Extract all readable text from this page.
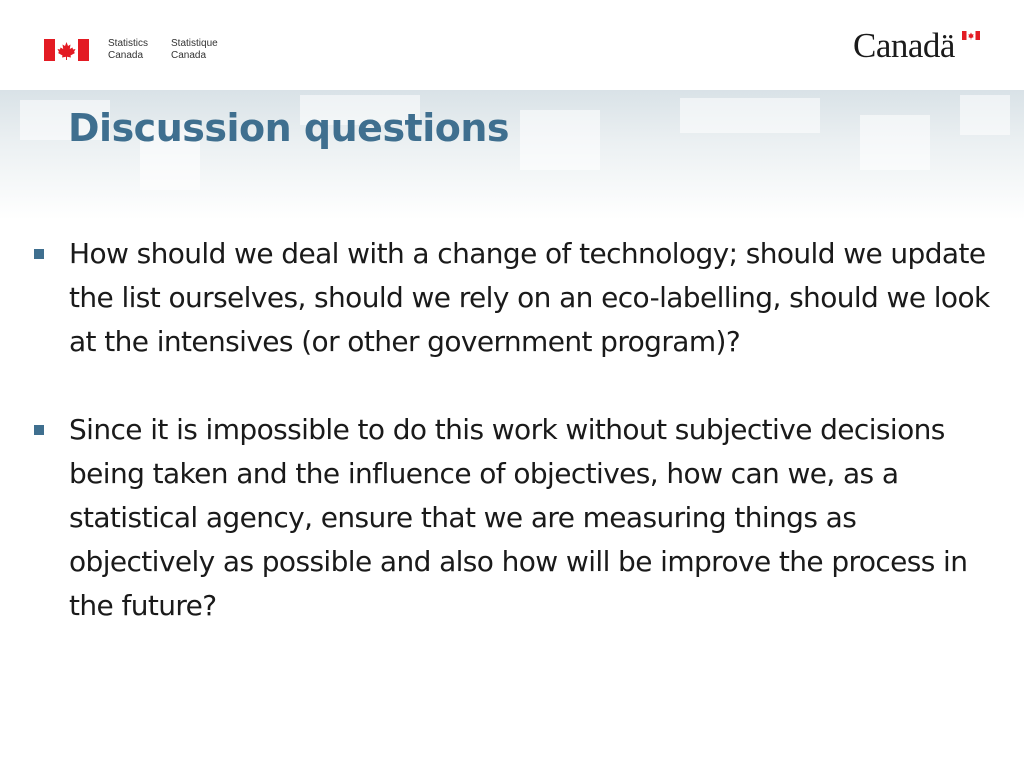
Statistics
Canada
Statistique
Canada	Canadä
Discussion questions
How should we deal with a change of technology; should we update the list ourselves, should we rely on an eco-labelling, should we look at the intensives (or other government program)?
Since it is impossible to do this work without subjective decisions being taken and the influence of objectives, how can we, as a statistical agency, ensure that we are measuring things as objectively as possible and also how will be improve the process in the future?
